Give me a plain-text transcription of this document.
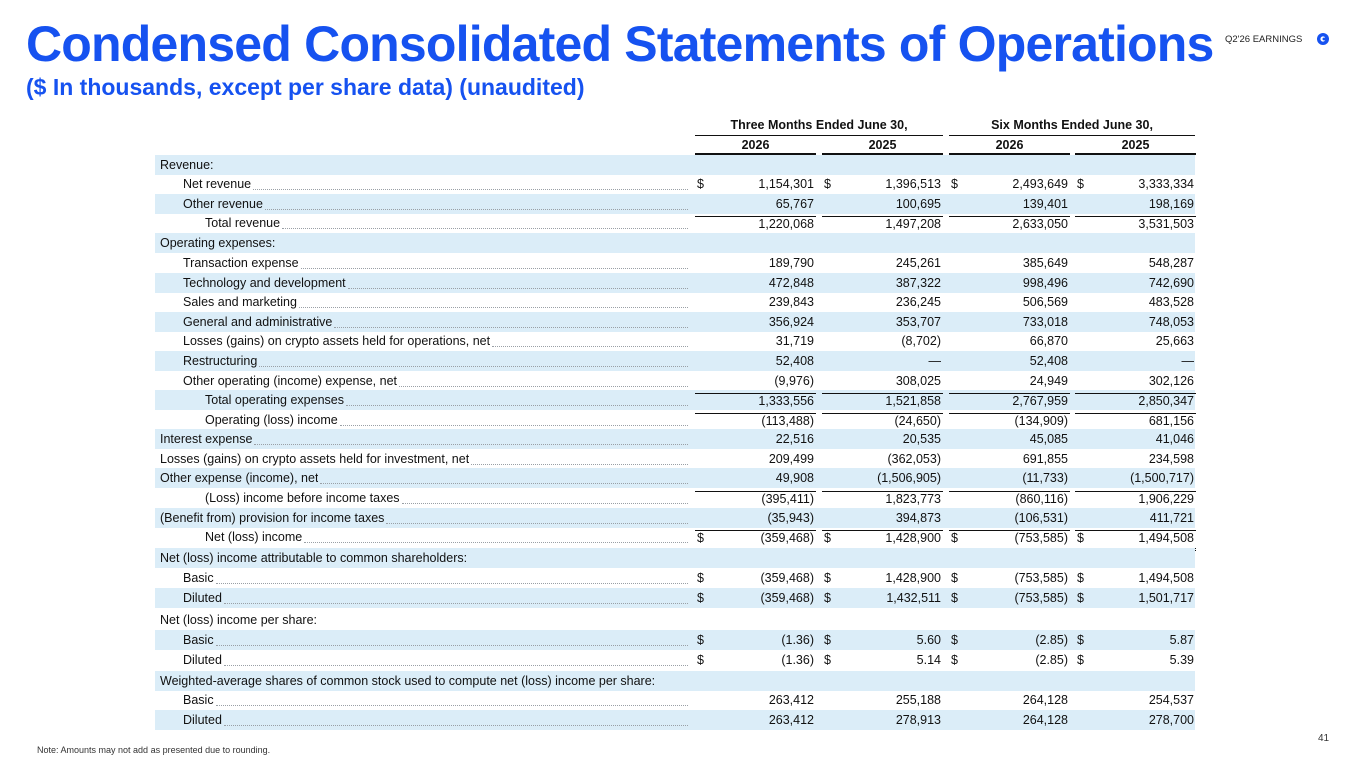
Condensed Consolidated Statements of Operations
($ In thousands, except per share data) (unaudited)
Q2'26 EARNINGS
Three Months Ended June 30,	Six Months Ended June 30,
2026	2025	2026	2025
Revenue:
Net revenue	$	1,154,301 $	1,396,513 $	2,493,649 $	3,333,334
Other revenue	65,767	100,695	139,401	198,169
Total revenue	1,220,068	1,497,208	2,633,050	3,531,503
Operating expenses:
Transaction expense	189,790	245,261	385,649	548,287
Technology and development	472,848	387,322	998,496	742,690
Sales and marketing	239,843	236,245	506,569	483,528
General and administrative	356,924	353,707	733,018	748,053
Losses (gains) on crypto assets held for operations, net	31,719	(8,702)	66,870	25,663
Restructuring	52,408	—	52,408	—
Other operating (income) expense, net	(9,976)	308,025	24,949	302,126
Total operating expenses	1,333,556	1,521,858	2,767,959	2,850,347
Operating (loss) income	(113,488)	(24,650)	(134,909)	681,156
Interest expense	22,516	20,535	45,085	41,046
Losses (gains) on crypto assets held for investment, net	209,499	(362,053)	691,855	234,598
Other expense (income), net	49,908	(1,506,905)	(11,733)	(1,500,717)
(Loss) income before income taxes	(395,411)	1,823,773	(860,116)	1,906,229
(Benefit from) provision for income taxes	(35,943)	394,873	(106,531)	411,721
Net (loss) income	$	(359,468) $	1,428,900 $	(753,585) $	1,494,508
Net (loss) income attributable to common shareholders:
Basic	$	(359,468) $	1,428,900 $	(753,585) $	1,494,508
Diluted	$	(359,468) $	1,432,511 $	(753,585) $	1,501,717
Net (loss) income per share:
Basic	$	(1.36) $	5.60 $	(2.85) $	5.87
Diluted	$	(1.36) $	5.14 $	(2.85) $	5.39
Weighted-average shares of common stock used to compute net (loss) income per share:
Basic	263,412	255,188	264,128	254,537
Diluted	263,412	278,913	264,128	278,700
Note: Amounts may not add as presented due to rounding.
41
